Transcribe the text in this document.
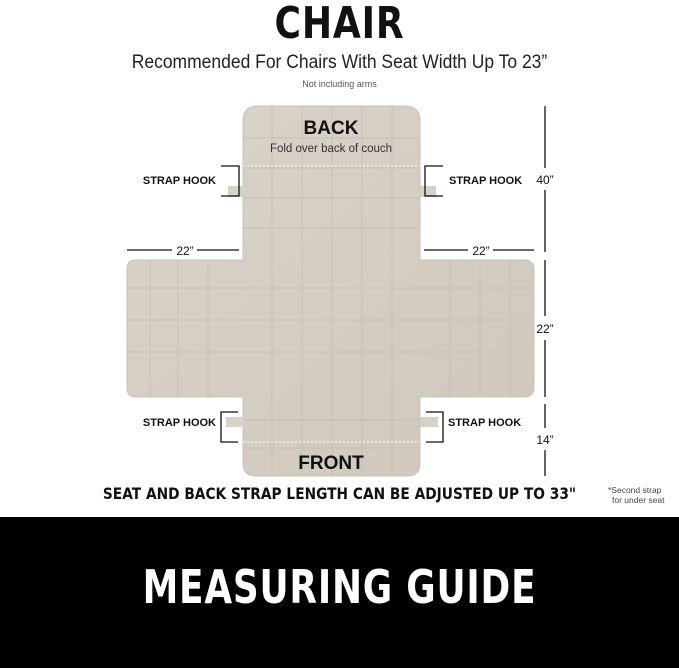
CHAIR
Recommended For Chairs With Seat Width Up To 23”
Not including arms
BACK
Fold over back of couch
FRONT
STRAP HOOK	STRAP HOOK
STRAP HOOK	STRAP HOOK
22”	22”
40”
22”
14”
SEAT AND BACK STRAP LENGTH CAN BE ADJUSTED UP TO 33"	*Second strap
for under seat
MEASURING GUIDE
